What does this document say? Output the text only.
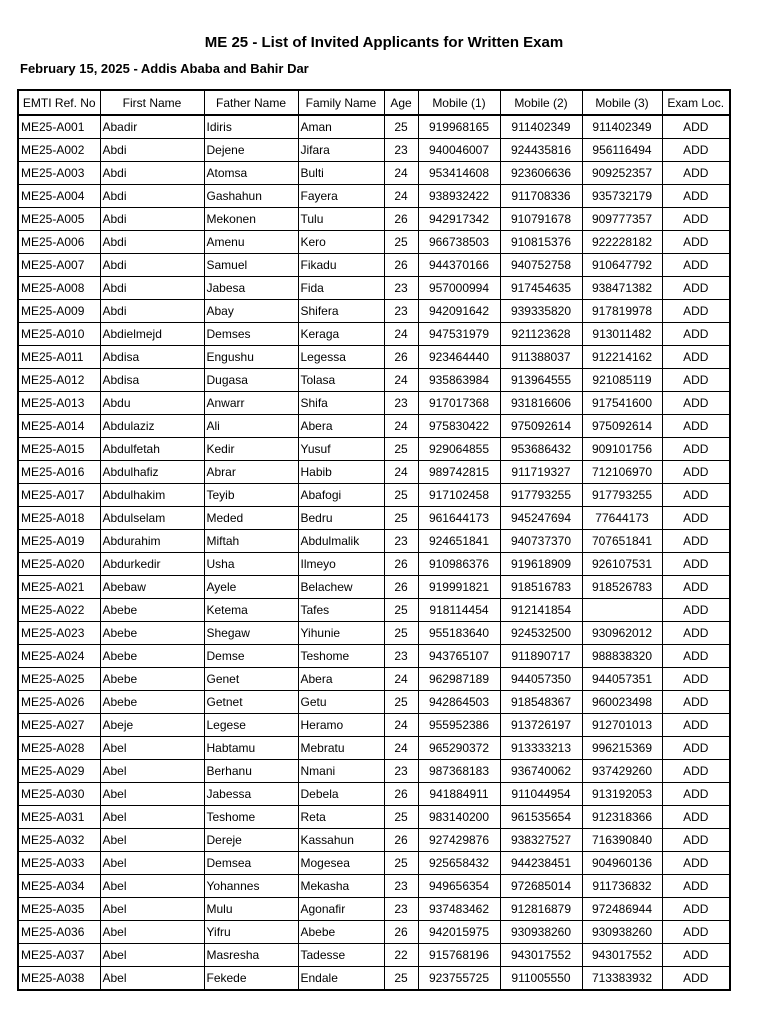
ME 25 - List of Invited Applicants for Written Exam
February 15, 2025 - Addis Ababa and Bahir Dar
EMTI Ref. No	First Name	Father Name	Family Name	Age	Mobile (1)	Mobile (2)	Mobile (3)	Exam Loc.
ME25-A001	Abadir	Idiris	Aman	25	919968165	911402349	911402349	ADD
ME25-A002	Abdi	Dejene	Jifara	23	940046007	924435816	956116494	ADD
ME25-A003	Abdi	Atomsa	Bulti	24	953414608	923606636	909252357	ADD
ME25-A004	Abdi	Gashahun	Fayera	24	938932422	911708336	935732179	ADD
ME25-A005	Abdi	Mekonen	Tulu	26	942917342	910791678	909777357	ADD
ME25-A006	Abdi	Amenu	Kero	25	966738503	910815376	922228182	ADD
ME25-A007	Abdi	Samuel	Fikadu	26	944370166	940752758	910647792	ADD
ME25-A008	Abdi	Jabesa	Fida	23	957000994	917454635	938471382	ADD
ME25-A009	Abdi	Abay	Shifera	23	942091642	939335820	917819978	ADD
ME25-A010	Abdielmejd	Demses	Keraga	24	947531979	921123628	913011482	ADD
ME25-A011	Abdisa	Engushu	Legessa	26	923464440	911388037	912214162	ADD
ME25-A012	Abdisa	Dugasa	Tolasa	24	935863984	913964555	921085119	ADD
ME25-A013	Abdu	Anwarr	Shifa	23	917017368	931816606	917541600	ADD
ME25-A014	Abdulaziz	Ali	Abera	24	975830422	975092614	975092614	ADD
ME25-A015	Abdulfetah	Kedir	Yusuf	25	929064855	953686432	909101756	ADD
ME25-A016	Abdulhafiz	Abrar	Habib	24	989742815	911719327	712106970	ADD
ME25-A017	Abdulhakim	Teyib	Abafogi	25	917102458	917793255	917793255	ADD
ME25-A018	Abdulselam	Meded	Bedru	25	961644173	945247694	77644173	ADD
ME25-A019	Abdurahim	Miftah	Abdulmalik	23	924651841	940737370	707651841	ADD
ME25-A020	Abdurkedir	Usha	Ilmeyo	26	910986376	919618909	926107531	ADD
ME25-A021	Abebaw	Ayele	Belachew	26	919991821	918516783	918526783	ADD
ME25-A022	Abebe	Ketema	Tafes	25	918114454	912141854		ADD
ME25-A023	Abebe	Shegaw	Yihunie	25	955183640	924532500	930962012	ADD
ME25-A024	Abebe	Demse	Teshome	23	943765107	911890717	988838320	ADD
ME25-A025	Abebe	Genet	Abera	24	962987189	944057350	944057351	ADD
ME25-A026	Abebe	Getnet	Getu	25	942864503	918548367	960023498	ADD
ME25-A027	Abeje	Legese	Heramo	24	955952386	913726197	912701013	ADD
ME25-A028	Abel	Habtamu	Mebratu	24	965290372	913333213	996215369	ADD
ME25-A029	Abel	Berhanu	Nmani	23	987368183	936740062	937429260	ADD
ME25-A030	Abel	Jabessa	Debela	26	941884911	911044954	913192053	ADD
ME25-A031	Abel	Teshome	Reta	25	983140200	961535654	912318366	ADD
ME25-A032	Abel	Dereje	Kassahun	26	927429876	938327527	716390840	ADD
ME25-A033	Abel	Demsea	Mogesea	25	925658432	944238451	904960136	ADD
ME25-A034	Abel	Yohannes	Mekasha	23	949656354	972685014	911736832	ADD
ME25-A035	Abel	Mulu	Agonafir	23	937483462	912816879	972486944	ADD
ME25-A036	Abel	Yifru	Abebe	26	942015975	930938260	930938260	ADD
ME25-A037	Abel	Masresha	Tadesse	22	915768196	943017552	943017552	ADD
ME25-A038	Abel	Fekede	Endale	25	923755725	911005550	713383932	ADD
